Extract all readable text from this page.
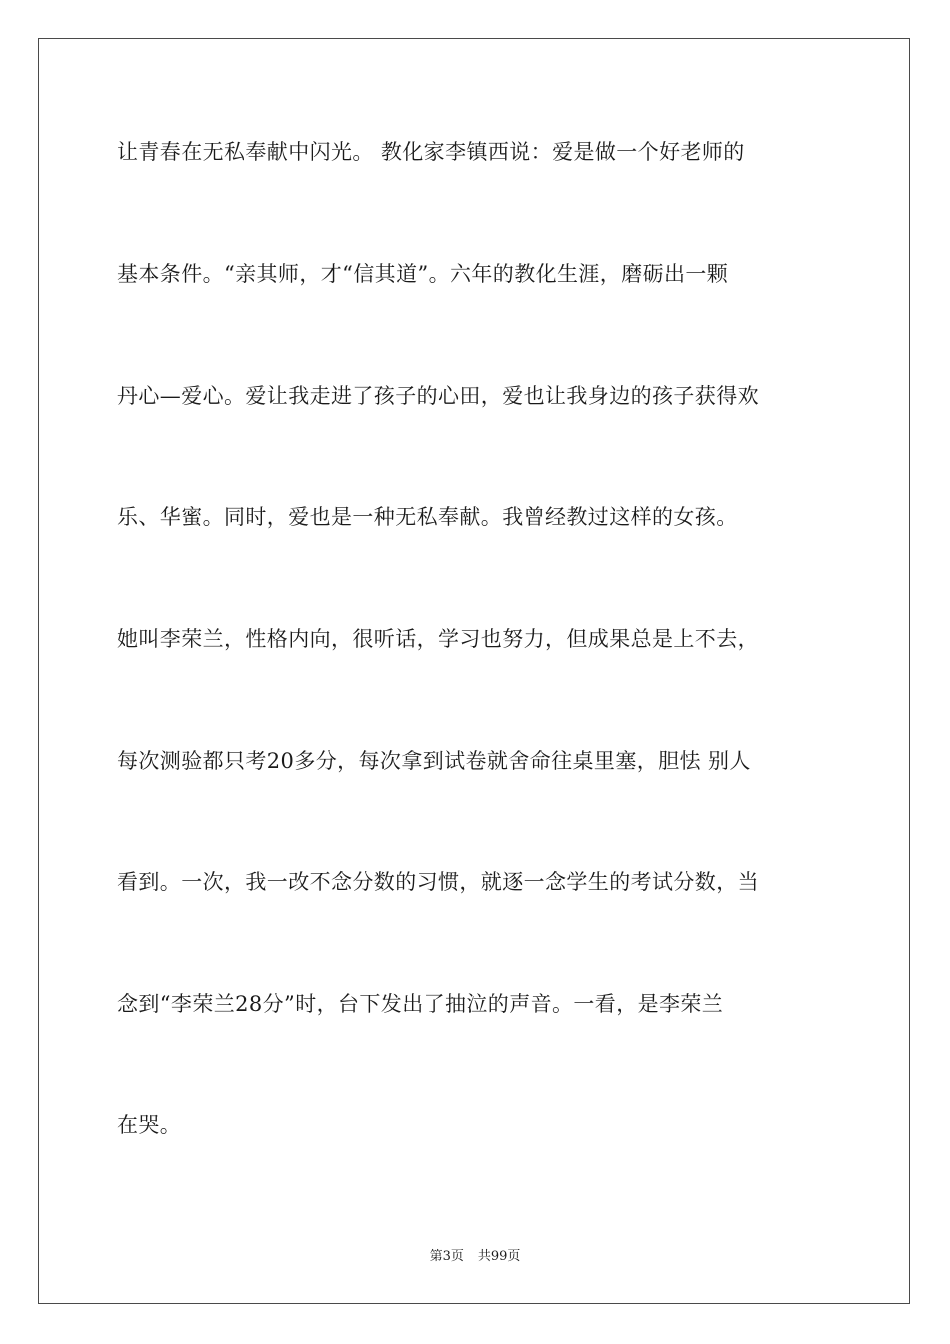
让青春在无私奉献中闪光。 教化家李镇西说：爱是做一个好老师的
基本条件。“亲其师，才“信其道”。六年的教化生涯，磨砺出一颗
丹心—爱心。爱让我走进了孩子的心田，爱也让我身边的孩子获得欢
乐、华蜜。同时，爱也是一种无私奉献。我曾经教过这样的女孩。
她叫李荣兰，性格内向，很听话，学习也努力，但成果总是上不去，
每次测验都只考20多分，每次拿到试卷就舍命往桌里塞，胆怯 别人
看到。一次，我一改不念分数的习惯，就逐一念学生的考试分数，当
念到“李荣兰28分”时，台下发出了抽泣的声音。一看，是李荣兰
在哭。
第3页 共99页
